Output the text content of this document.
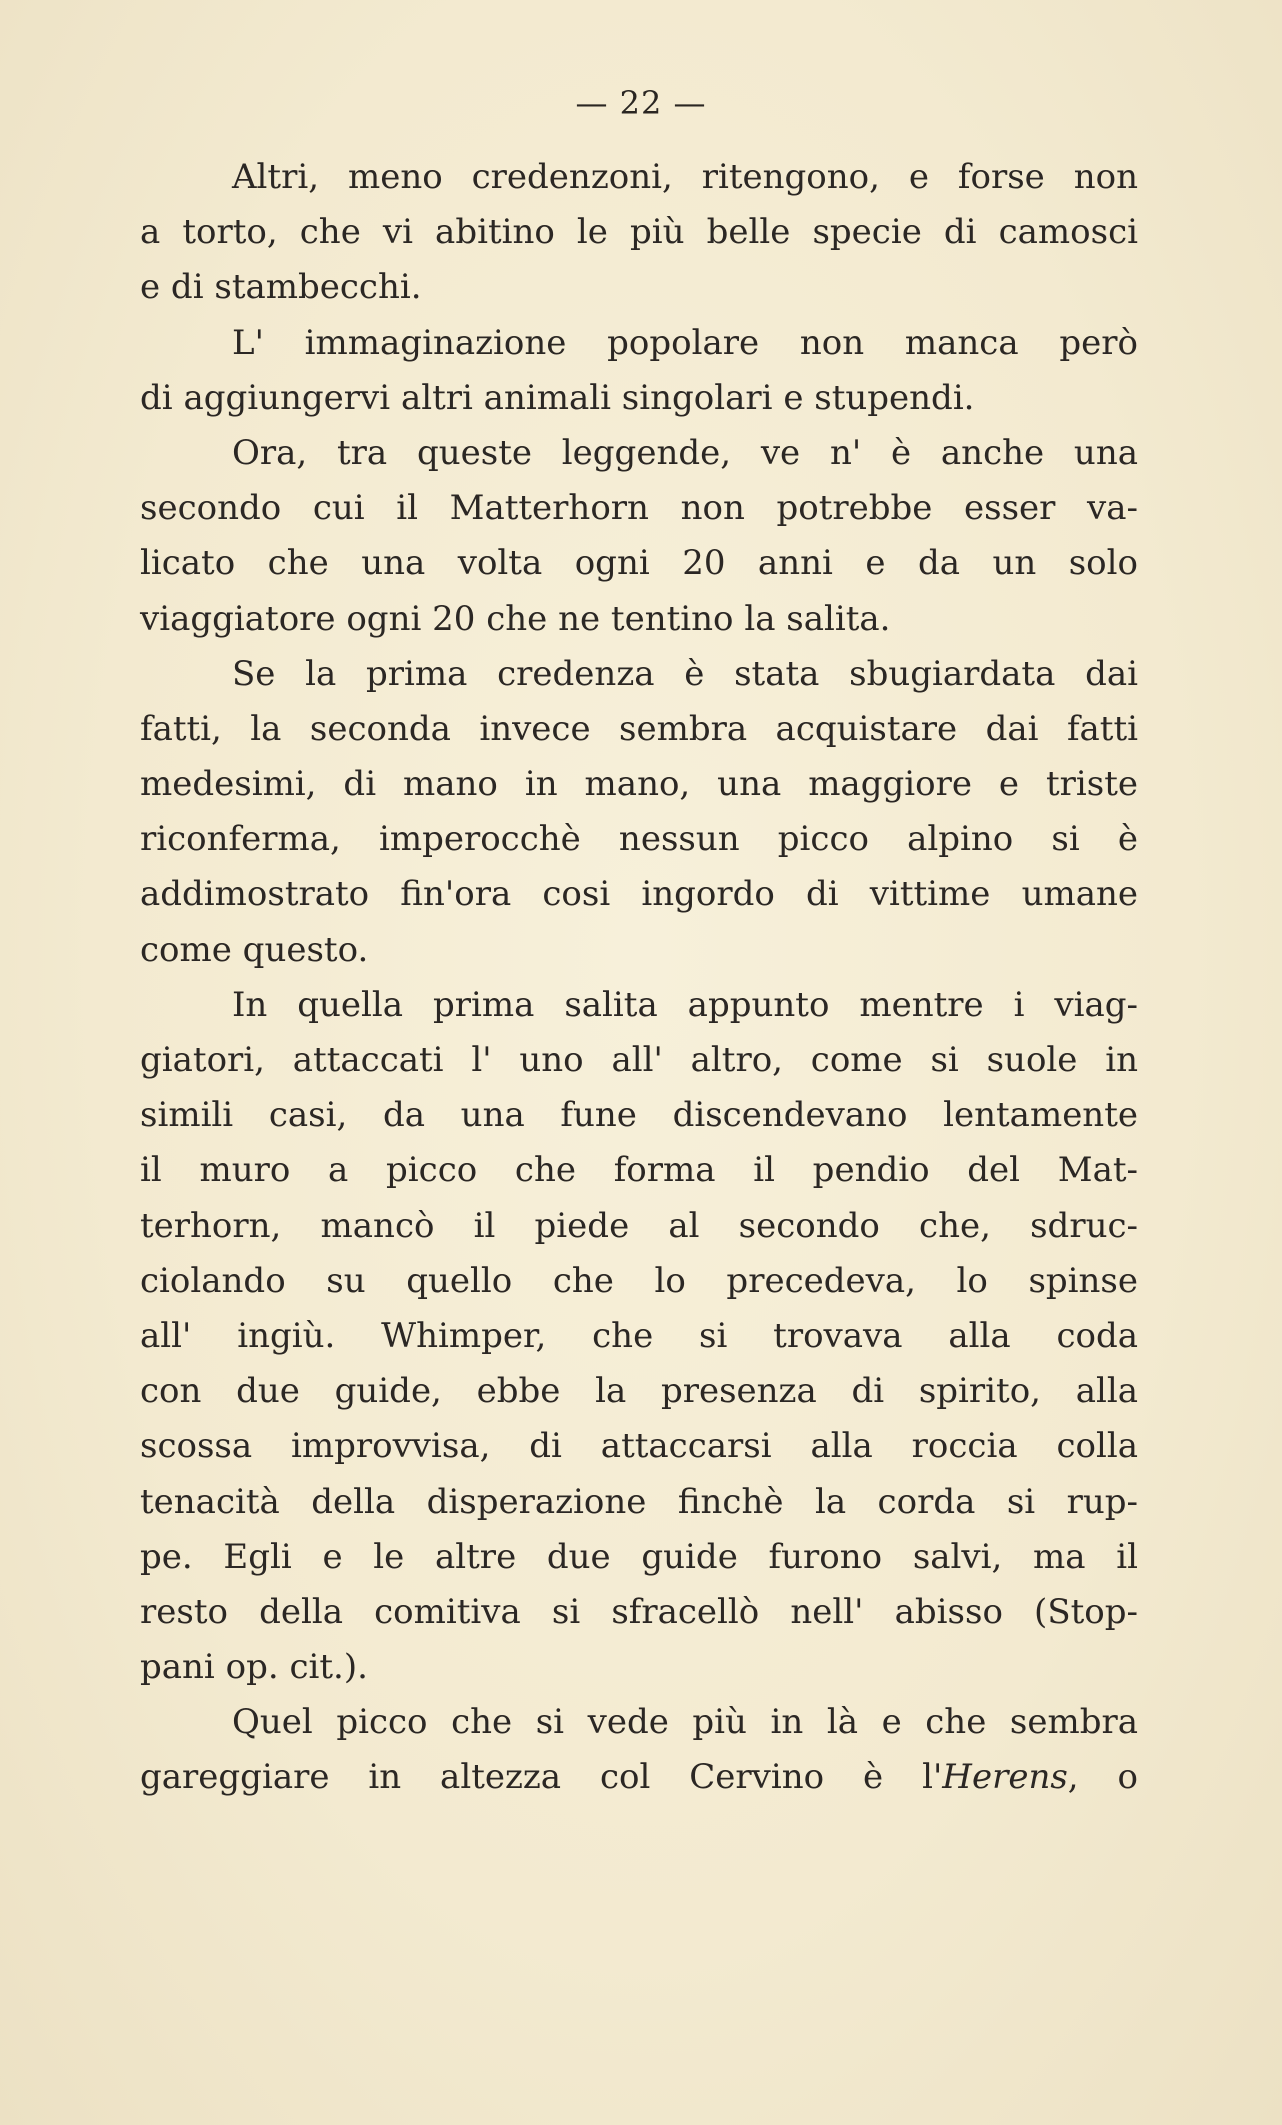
— 22 —
Altri, meno credenzoni, ritengono, e forse non
a torto, che vi abitino le più belle specie di camosci
e di stambecchi.
L' immaginazione popolare non manca però
di aggiungervi altri animali singolari e stupendi.
Ora, tra queste leggende, ve n' è anche una
secondo cui il Matterhorn non potrebbe esser va-
licato che una volta ogni 20 anni e da un solo
viaggiatore ogni 20 che ne tentino la salita.
Se la prima credenza è stata sbugiardata dai
fatti, la seconda invece sembra acquistare dai fatti
medesimi, di mano in mano, una maggiore e triste
riconferma, imperocchè nessun picco alpino si è
addimostrato fin'ora cosi ingordo di vittime umane
come questo.
In quella prima salita appunto mentre i viag-
giatori, attaccati l' uno all' altro, come si suole in
simili casi, da una fune discendevano lentamente
il muro a picco che forma il pendio del Mat-
terhorn, mancò il piede al secondo che, sdruc-
ciolando su quello che lo precedeva, lo spinse
all' ingiù. Whimper, che si trovava alla coda
con due guide, ebbe la presenza di spirito, alla
scossa improvvisa, di attaccarsi alla roccia colla
tenacità della disperazione finchè la corda si rup-
pe. Egli e le altre due guide furono salvi, ma il
resto della comitiva si sfracellò nell' abisso (Stop-
pani op. cit.).
Quel picco che si vede più in là e che sembra
gareggiare in altezza col Cervino è l'Herens, o
